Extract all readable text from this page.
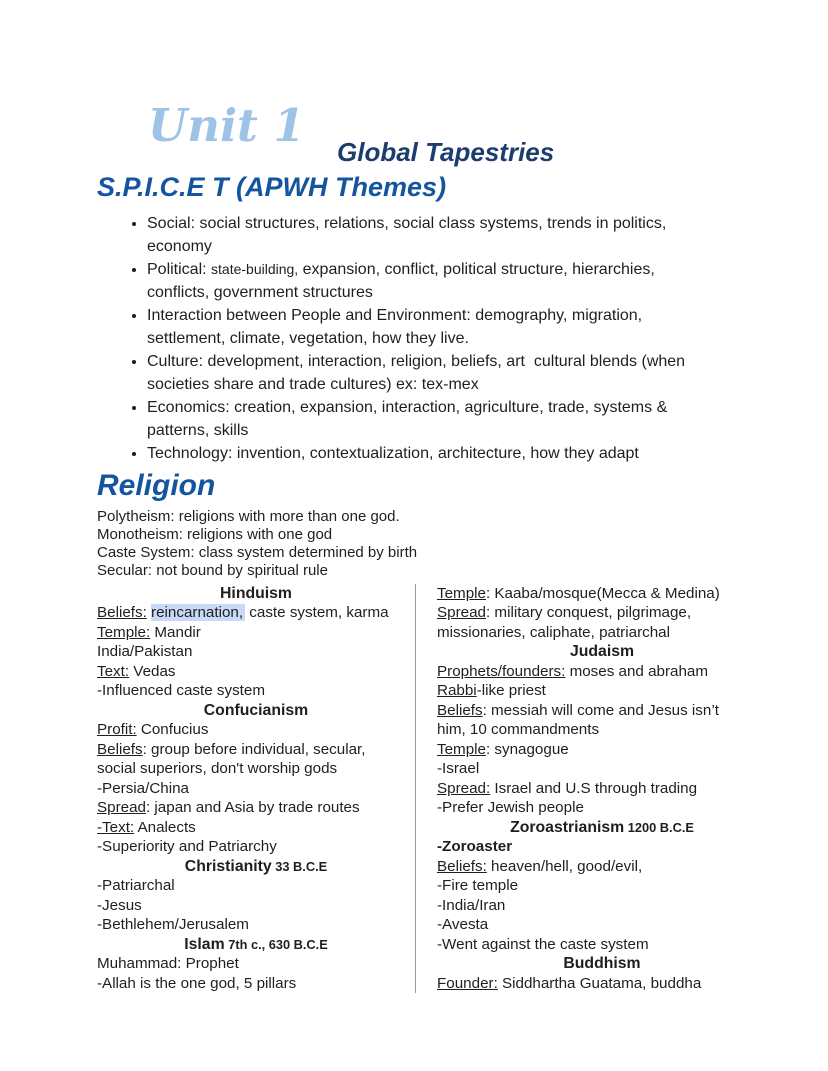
Unit 1	Global Tapestries
S.P.I.C.E T (APWH Themes)
• Social: social structures, relations, social class systems, trends in politics,
economy
• Political: state-building, expansion, conflict, political structure, hierarchies,
conflicts, government structures
• Interaction between People and Environment: demography, migration,
settlement, climate, vegetation, how they live.
• Culture: development, interaction, religion, beliefs, art  cultural blends (when
societies share and trade cultures) ex: tex-mex
• Economics: creation, expansion, interaction, agriculture, trade, systems &
patterns, skills
• Technology: invention, contextualization, architecture, how they adapt
Religion
Polytheism: religions with more than one god.
Monotheism: religions with one god
Caste System: class system determined by birth
Secular: not bound by spiritual rule
Hinduism
Beliefs: reincarnation, caste system, karma
Temple: Mandir
India/Pakistan
Text: Vedas
-Influenced caste system
Confucianism
Profit: Confucius
Beliefs: group before individual, secular,
social superiors, don't worship gods
-Persia/China
Spread: japan and Asia by trade routes
-Text: Analects
-Superiority and Patriarchy
Christianity 33 B.C.E
-Patriarchal
-Jesus
-Bethlehem/Jerusalem
Islam 7th c., 630 B.C.E
Muhammad: Prophet
-Allah is the one god, 5 pillars
Temple: Kaaba/mosque(Mecca & Medina)
Spread: military conquest, pilgrimage,
missionaries, caliphate, patriarchal
Judaism
Prophets/founders: moses and abraham
Rabbi-like priest
Beliefs: messiah will come and Jesus isn’t
him, 10 commandments
Temple: synagogue
-Israel
Spread: Israel and U.S through trading
-Prefer Jewish people
Zoroastrianism 1200 B.C.E
-Zoroaster
Beliefs: heaven/hell, good/evil,
-Fire temple
-India/Iran
-Avesta
-Went against the caste system
Buddhism
Founder: Siddhartha Guatama, buddha
